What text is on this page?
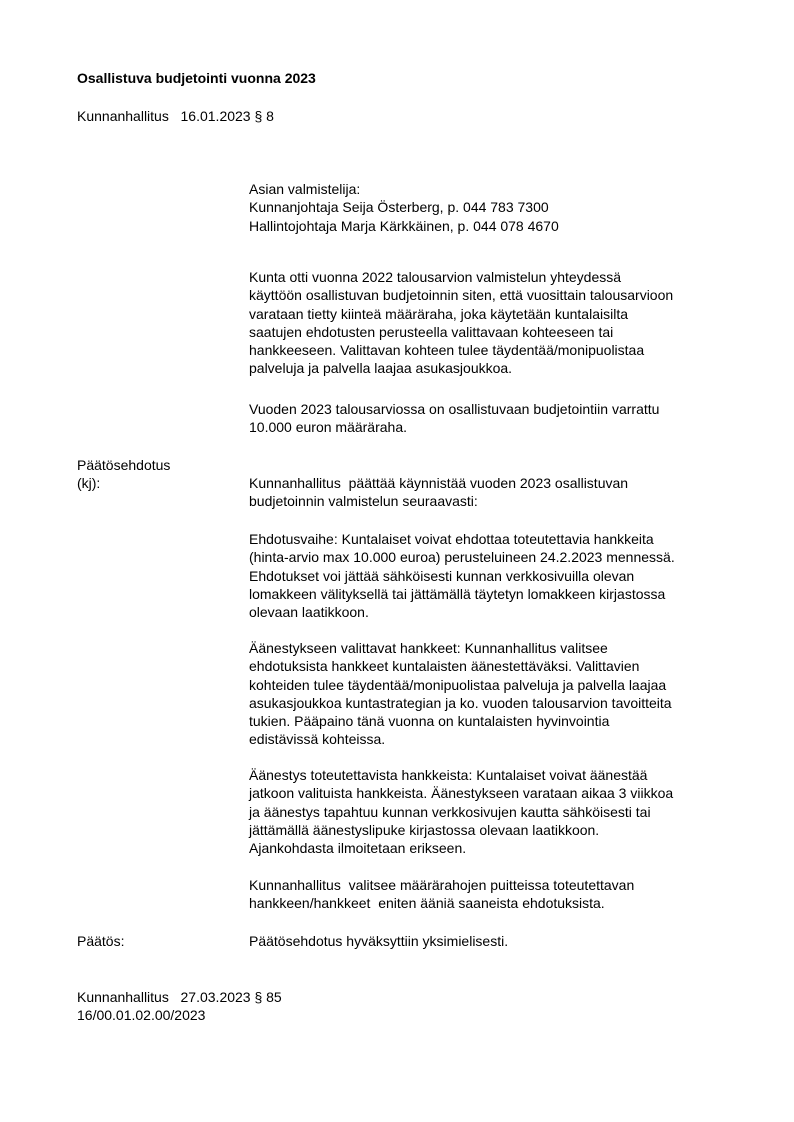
Osallistuva budjetointi vuonna 2023
Kunnanhallitus   16.01.2023 § 8
Asian valmistelija:
Kunnanjohtaja Seija Österberg, p. 044 783 7300
Hallintojohtaja Marja Kärkkäinen, p. 044 078 4670
Kunta otti vuonna 2022 talousarvion valmistelun yhteydessä
käyttöön osallistuvan budjetoinnin siten, että vuosittain talousarvioon
varataan tietty kiinteä määräraha, joka käytetään kuntalaisilta
saatujen ehdotusten perusteella valittavaan kohteeseen tai
hankkeeseen. Valittavan kohteen tulee täydentää/monipuolistaa
palveluja ja palvella laajaa asukasjoukkoa.
Vuoden 2023 talousarviossa on osallistuvaan budjetointiin varrattu
10.000 euron määräraha.
Päätösehdotus
(kj):	Kunnanhallitus  päättää käynnistää vuoden 2023 osallistuvan
budjetoinnin valmistelun seuraavasti:
Ehdotusvaihe: Kuntalaiset voivat ehdottaa toteutettavia hankkeita
(hinta-arvio max 10.000 euroa) perusteluineen 24.2.2023 mennessä.
Ehdotukset voi jättää sähköisesti kunnan verkkosivuilla olevan
lomakkeen välityksellä tai jättämällä täytetyn lomakkeen kirjastossa
olevaan laatikkoon.
Äänestykseen valittavat hankkeet: Kunnanhallitus valitsee
ehdotuksista hankkeet kuntalaisten äänestettäväksi. Valittavien
kohteiden tulee täydentää/monipuolistaa palveluja ja palvella laajaa
asukasjoukkoa kuntastrategian ja ko. vuoden talousarvion tavoitteita
tukien. Pääpaino tänä vuonna on kuntalaisten hyvinvointia
edistävissä kohteissa.
Äänestys toteutettavista hankkeista: Kuntalaiset voivat äänestää
jatkoon valituista hankkeista. Äänestykseen varataan aikaa 3 viikkoa
ja äänestys tapahtuu kunnan verkkosivujen kautta sähköisesti tai
jättämällä äänestyslipuke kirjastossa olevaan laatikkoon.
Ajankohdasta ilmoitetaan erikseen.
Kunnanhallitus  valitsee määrärahojen puitteissa toteutettavan
hankkeen/hankkeet  eniten ääniä saaneista ehdotuksista.
Päätös:	Päätösehdotus hyväksyttiin yksimielisesti.
Kunnanhallitus   27.03.2023 § 85
16/00.01.02.00/2023
